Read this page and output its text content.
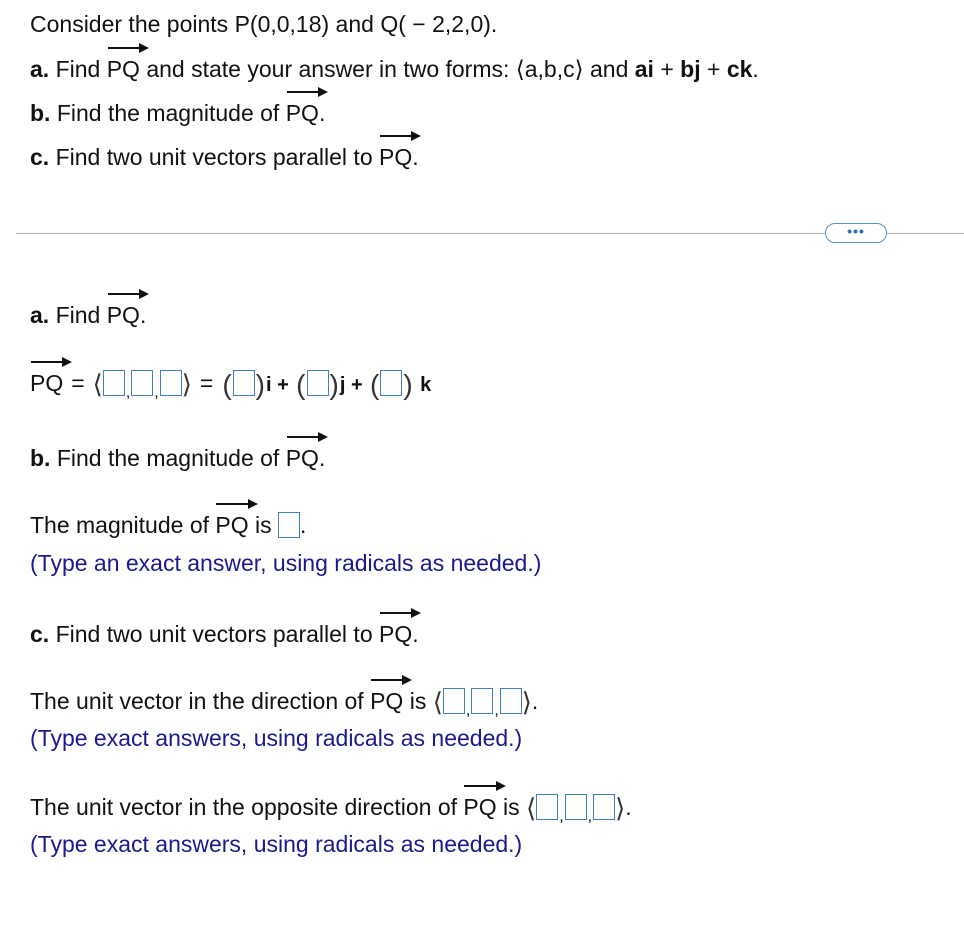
Consider the points P(0,0,18) and Q( − 2,2,0).
a. Find PQ and state your answer in two forms: ⟨a,b,c⟩ and ai + bj + ck.
b. Find the magnitude of PQ.
c. Find two unit vectors parallel to PQ.
•••
a. Find PQ.
PQ = ⟨ , , ⟩ = ( )i + ( )j + ( ) k
b. Find the magnitude of PQ.
The magnitude of PQ is .
(Type an exact answer, using radicals as needed.)
c. Find two unit vectors parallel to PQ.
The unit vector in the direction of PQ is ⟨ , , ⟩.
(Type exact answers, using radicals as needed.)
The unit vector in the opposite direction of PQ is ⟨ , , ⟩.
(Type exact answers, using radicals as needed.)
